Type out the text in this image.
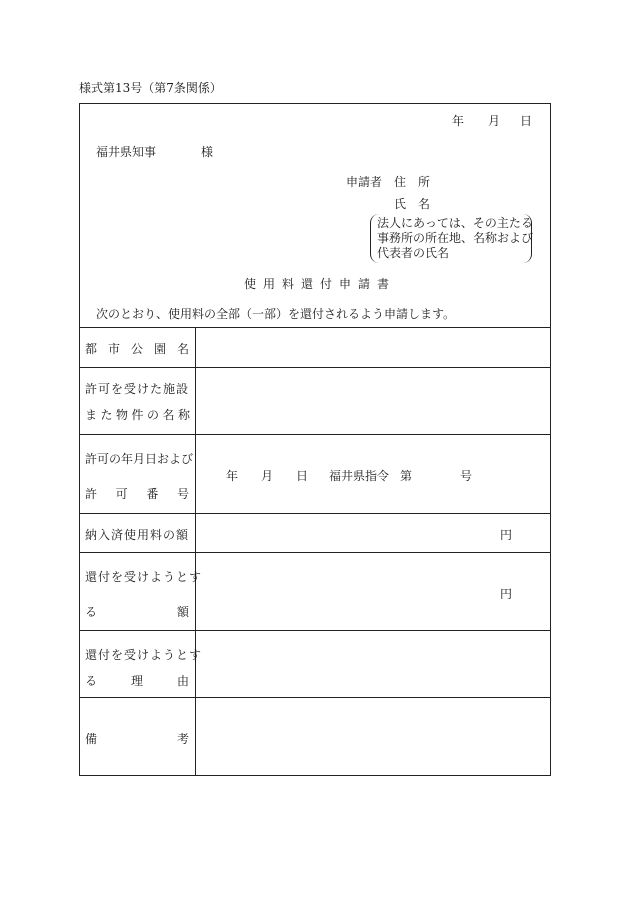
様式第13号（第7条関係）
年 月 日
福井県知事	様
申請者 住　所
氏　名
法人にあっては、その主たる
事務所の所在地、名称および
代表者の氏名
使用料還付申請書
次のとおり、使用料の全部（一部）を還付されるよう申請します。
都 市 公 園 名
許可を受けた施設
また物件の名称
許可の年月日および
許 可 番 号
年 月 日 福井県指令 第	号
納入済使用料の額	円
還付を受けようとす
る	額
円
還付を受けようとす
る	理	由
備	考
